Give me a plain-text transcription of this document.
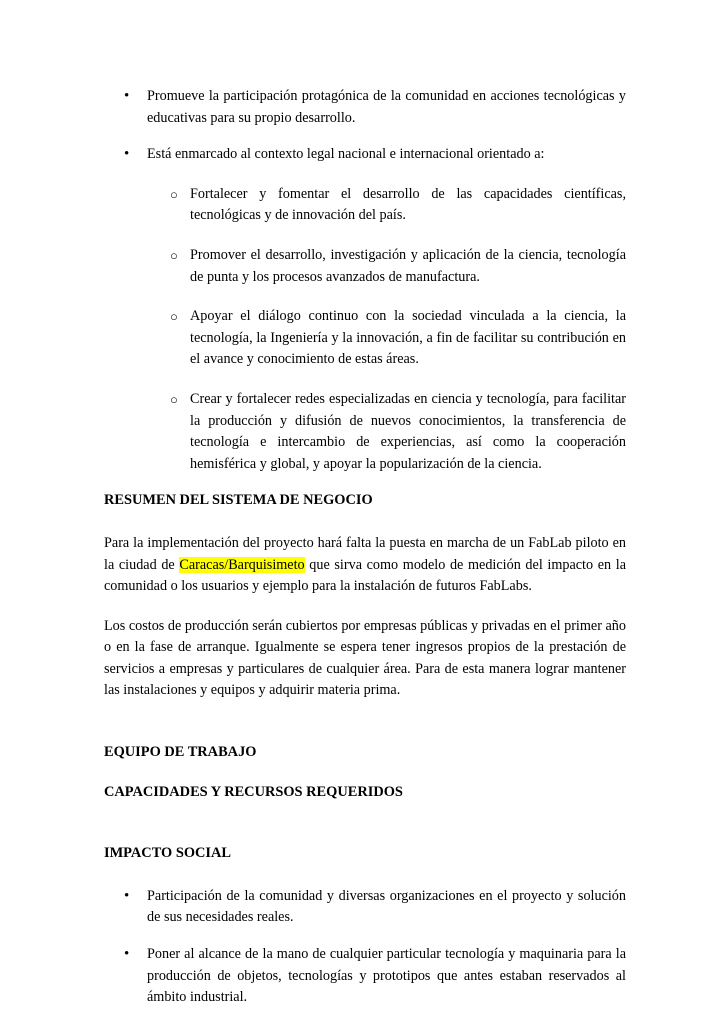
• Promueve la participación protagónica de la comunidad en acciones tecnológicas y educativas para su propio desarrollo.

• Está enmarcado al contexto legal nacional e internacional orientado a:

○ Fortalecer y fomentar el desarrollo de las capacidades científicas, tecnológicas y de innovación del país.

○ Promover el desarrollo, investigación y aplicación de la ciencia, tecnología de punta y los procesos avanzados de manufactura.

○ Apoyar el diálogo continuo con la sociedad vinculada a la ciencia, la tecnología, la Ingeniería y la innovación, a fin de facilitar su contribución en el avance y conocimiento de estas áreas.

○ Crear y fortalecer redes especializadas en ciencia y tecnología, para facilitar la producción y difusión de nuevos conocimientos, la transferencia de tecnología e intercambio de experiencias, así como la cooperación hemisférica y global, y apoyar la popularización de la ciencia.

RESUMEN DEL SISTEMA DE NEGOCIO

Para la implementación del proyecto hará falta la puesta en marcha de un FabLab piloto en la ciudad de Caracas/Barquisimeto que sirva como modelo de medición del impacto en la comunidad o los usuarios y ejemplo para la instalación de futuros FabLabs.

Los costos de producción serán cubiertos por empresas públicas y privadas en el primer año o en la fase de arranque. Igualmente se espera tener ingresos propios de la prestación de servicios a empresas y particulares de cualquier área. Para de esta manera lograr mantener las instalaciones y equipos y adquirir materia prima.

EQUIPO DE TRABAJO

CAPACIDADES Y RECURSOS REQUERIDOS

IMPACTO SOCIAL

• Participación de la comunidad y diversas organizaciones en el proyecto y solución de sus necesidades reales.

• Poner al alcance de la mano de cualquier particular tecnología y maquinaria para la producción de objetos, tecnologías y prototipos que antes estaban reservados al ámbito industrial.
